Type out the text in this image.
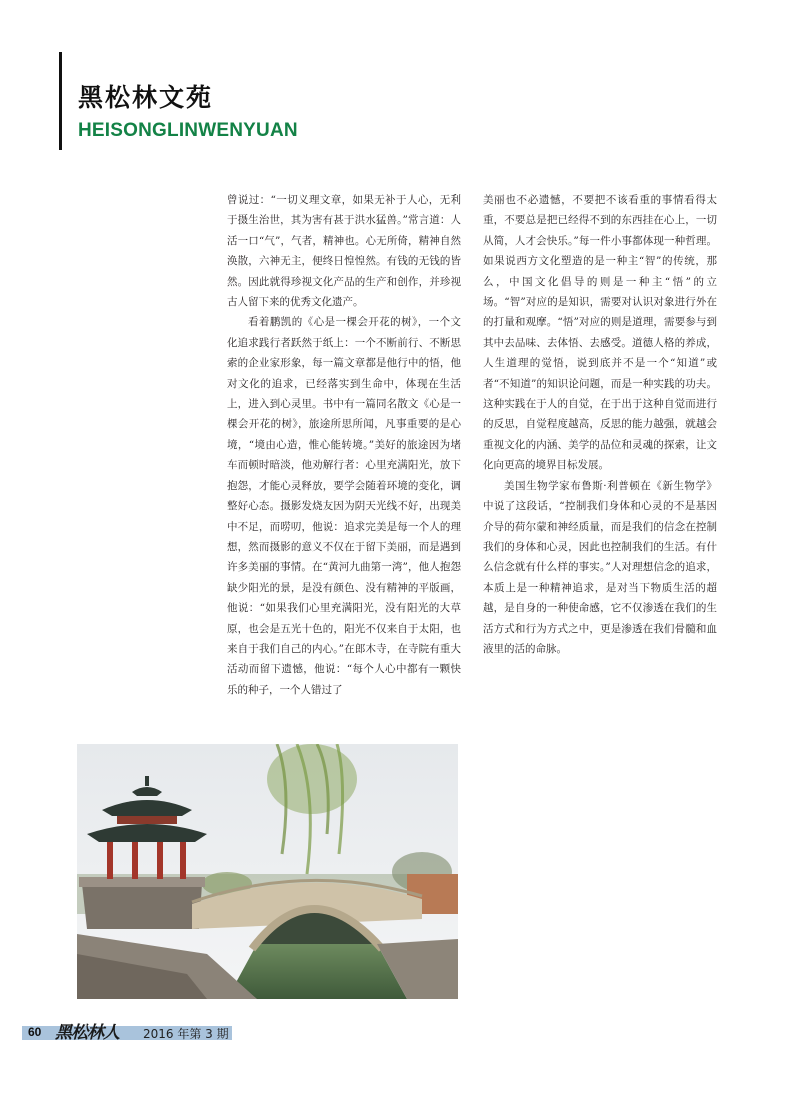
黑松林文苑
HEISONGLINWENYUAN

曾说过：“一切义理文章，如果无补于人心，无利于摄生治世，其为害有甚于洪水猛兽。”常言道：人活一口“气”，气者，精神也。心无所倚，精神自然涣散，六神无主，便终日惶惶然。有钱的无钱的皆然。因此就得珍视文化产品的生产和创作，并珍视古人留下来的优秀文化遗产。

看着鹏凯的《心是一棵会开花的树》，一个文化追求践行者跃然于纸上：一个不断前行、不断思索的企业家形象，每一篇文章都是他行中的悟，他对文化的追求，已经落实到生命中，体现在生活上，进入到心灵里。书中有一篇同名散文《心是一棵会开花的树》，旅途所思所闻，凡事重要的是心境，“境由心造，惟心能转境。”美好的旅途因为堵车而顿时暗淡，他劝解行者：心里充满阳光，放下抱怨，才能心灵释放，要学会随着环境的变化，调整好心态。摄影发烧友因为阴天光线不好，出现美中不足，而唠叨，他说：追求完美是每一个人的理想，然而摄影的意义不仅在于留下美丽，而是遇到许多美丽的事情。在“黄河九曲第一湾”，他人抱怨缺少阳光的景，是没有颜色、没有精神的平版画，他说：“如果我们心里充满阳光，没有阳光的大草原，也会是五光十色的，阳光不仅来自于太阳，也来自于我们自己的内心。”在郎木寺，在寺院有重大活动而留下遗憾，他说：“每个人心中都有一颗快乐的种子，一个人错过了

美丽也不必遗憾，不要把不该看重的事情看得太重，不要总是把已经得不到的东西挂在心上，一切从简，人才会快乐。”每一件小事都体现一种哲理。如果说西方文化塑造的是一种主“智”的传统，那么，中国文化倡导的则是一种主“悟”的立场。“智”对应的是知识，需要对认识对象进行外在的打量和观摩。“悟”对应的则是道理，需要参与到其中去品味、去体悟、去感受。道德人格的养成，人生道理的觉悟，说到底并不是一个“知道”或者“不知道”的知识论问题，而是一种实践的功夫。这种实践在于人的自觉，在于出于这种自觉而进行的反思，自觉程度越高，反思的能力越强，就越会重视文化的内涵、美学的品位和灵魂的探索，让文化向更高的境界目标发展。

美国生物学家布鲁斯·利普顿在《新生物学》中说了这段话，“控制我们身体和心灵的不是基因介导的荷尔蒙和神经质量，而是我们的信念在控制我们的身体和心灵，因此也控制我们的生活。有什么信念就有什么样的事实。”人对理想信念的追求，本质上是一种精神追求，是对当下物质生活的超越，是自身的一种使命感，它不仅渗透在我们的生活方式和行为方式之中，更是渗透在我们骨髓和血液里的活的命脉。

60 黑松林人 2016 年第 3 期
